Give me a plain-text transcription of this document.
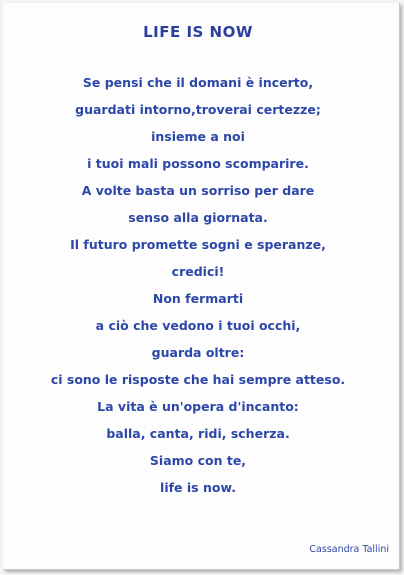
LIFE IS NOW
Se pensi che il domani è incerto,
guardati intorno,troverai certezze;
insieme a noi
i tuoi mali possono scomparire.
A volte basta un sorriso per dare
senso alla giornata.
Il futuro promette sogni e speranze,
credici!
Non fermarti
a ciò che vedono i tuoi occhi,
guarda oltre:
ci sono le risposte che hai sempre atteso.
La vita è un'opera d'incanto:
balla, canta, ridi, scherza.
Siamo con te,
life is now.
Cassandra Tallini
